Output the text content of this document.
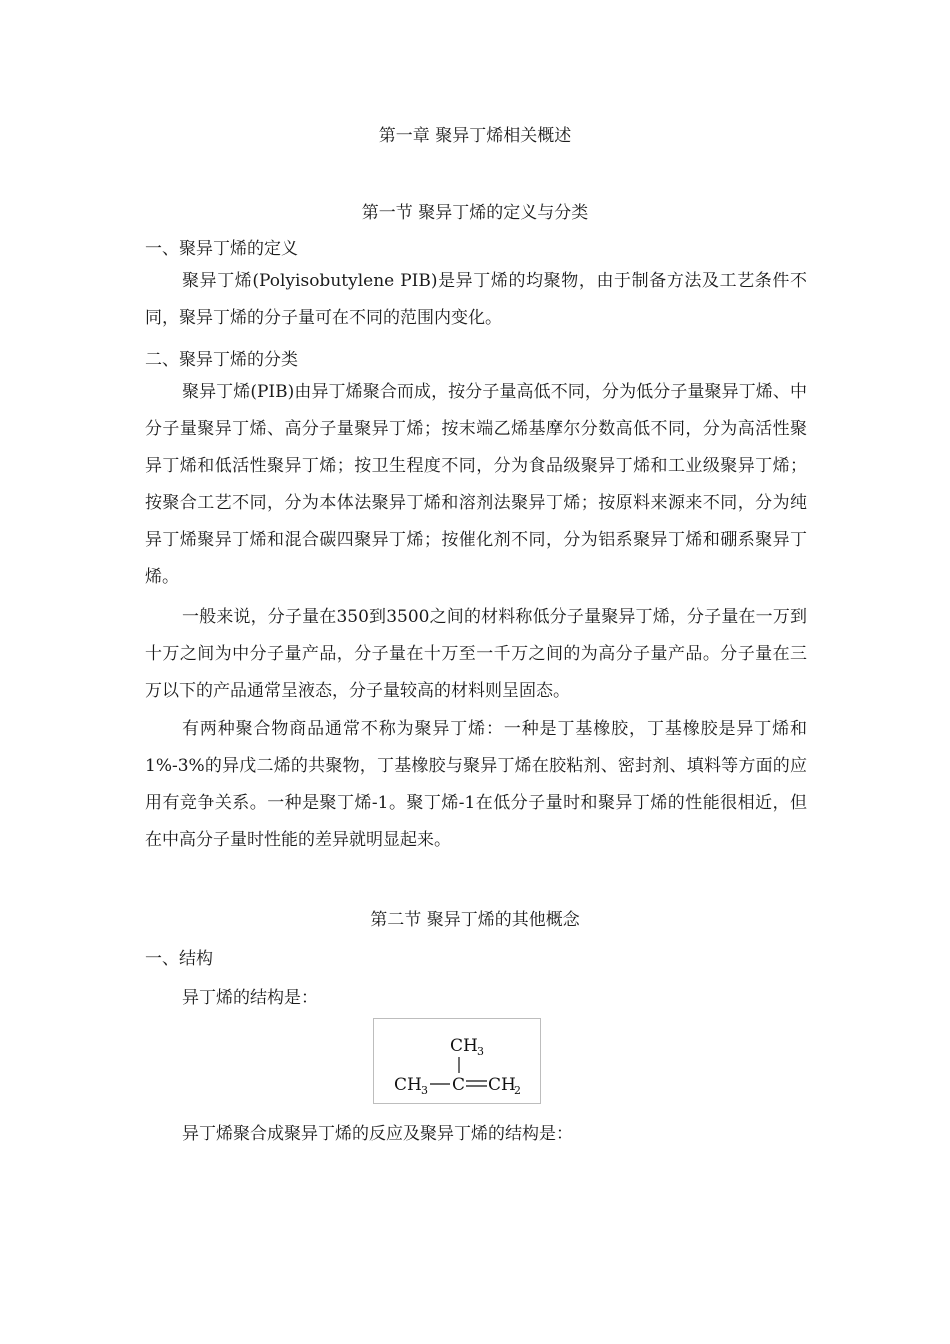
第一章 聚异丁烯相关概述
第一节 聚异丁烯的定义与分类
一、聚异丁烯的定义

聚异丁烯(Polyisobutylene PIB)是异丁烯的均聚物，由于制备方法及工艺条件不同，聚异丁烯的分子量可在不同的范围内变化。

二、聚异丁烯的分类

聚异丁烯(PIB)由异丁烯聚合而成，按分子量高低不同，分为低分子量聚异丁烯、中分子量聚异丁烯、高分子量聚异丁烯；按末端乙烯基摩尔分数高低不同，分为高活性聚异丁烯和低活性聚异丁烯；按卫生程度不同，分为食品级聚异丁烯和工业级聚异丁烯；按聚合工艺不同，分为本体法聚异丁烯和溶剂法聚异丁烯；按原料来源来不同，分为纯异丁烯聚异丁烯和混合碳四聚异丁烯；按催化剂不同，分为铝系聚异丁烯和硼系聚异丁烯。

一般来说，分子量在350到3500之间的材料称低分子量聚异丁烯，分子量在一万到十万之间为中分子量产品，分子量在十万至一千万之间的为高分子量产品。分子量在三万以下的产品通常呈液态，分子量较高的材料则呈固态。

有两种聚合物商品通常不称为聚异丁烯：一种是丁基橡胶，丁基橡胶是异丁烯和1%-3%的异戊二烯的共聚物，丁基橡胶与聚异丁烯在胶粘剂、密封剂、填料等方面的应用有竞争关系。一种是聚丁烯-1。聚丁烯-1在低分子量时和聚异丁烯的性能很相近，但在中高分子量时性能的差异就明显起来。

第二节 聚异丁烯的其他概念
一、结构
异丁烯的结构是：
CH 3
CH 3 C CH
2
异丁烯聚合成聚异丁烯的反应及聚异丁烯的结构是：
